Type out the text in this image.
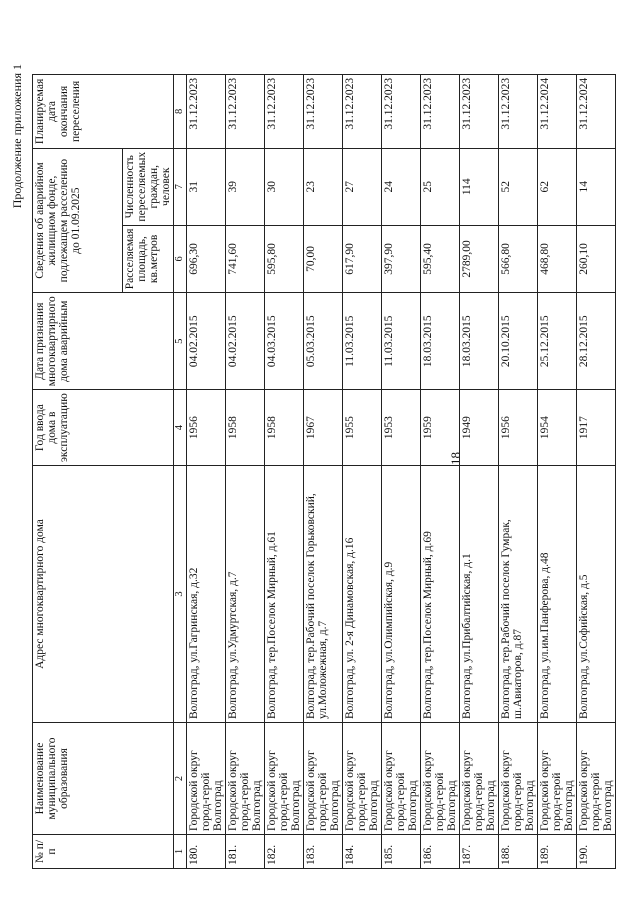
18
Продолжение приложения 1
№ п/п	Наименование муниципального образования	Адрес многоквартирного дома	Год ввода дома в эксплуатацию	Дата признания многоквартирного дома аварийным	Сведения об аварийном жилищном фонде, подлежащем расселению до 01.09.2025		Планируемая дата окончания переселения
					Расселяемая площадь, кв.метров	Численность переселяемых граждан, человек	
1	2	3	4	5	6	7	8
180.	Городской округ город-герой Волгоград	Волгоград, ул.Гагринская, д.32	1956	04.02.2015	696,30	31	31.12.2023
181.	Городской округ город-герой Волгоград	Волгоград, ул.Удмуртская, д.7	1958	04.02.2015	741,60	39	31.12.2023
182.	Городской округ город-герой Волгоград	Волгоград, тер.Поселок Мирный, д.61	1958	04.03.2015	595,80	30	31.12.2023
183.	Городской округ город-герой Волгоград	Волгоград, тер.Рабочий поселок Горьковский, ул.Моложежная, д.7	1967	05.03.2015	70,00	23	31.12.2023
184.	Городской округ город-герой Волгоград	Волгоград, ул. 2-я Динамовская, д.16	1955	11.03.2015	617,90	27	31.12.2023
185.	Городской округ город-герой Волгоград	Волгоград, ул.Олимпийская, д.9	1953	11.03.2015	397,90	24	31.12.2023
186.	Городской округ город-герой Волгоград	Волгоград, тер.Поселок Мирный, д.69	1959	18.03.2015	595,40	25	31.12.2023
187.	Городской округ город-герой Волгоград	Волгоград, ул.Прибалтийская, д.1	1949	18.03.2015	2789,00	114	31.12.2023
188.	Городской округ город-герой Волгоград	Волгоград, тер.Рабочий поселок Гумрак, ш.Авиаторов, д.87	1956	20.10.2015	566,80	52	31.12.2023
189.	Городской округ город-герой Волгоград	Волгоград, ул.им.Панферова, д.48	1954	25.12.2015	468,80	62	31.12.2024
190.	Городской округ город-герой Волгоград	Волгоград, ул.Софийская, д.5	1917	28.12.2015	260,10	14	31.12.2024
